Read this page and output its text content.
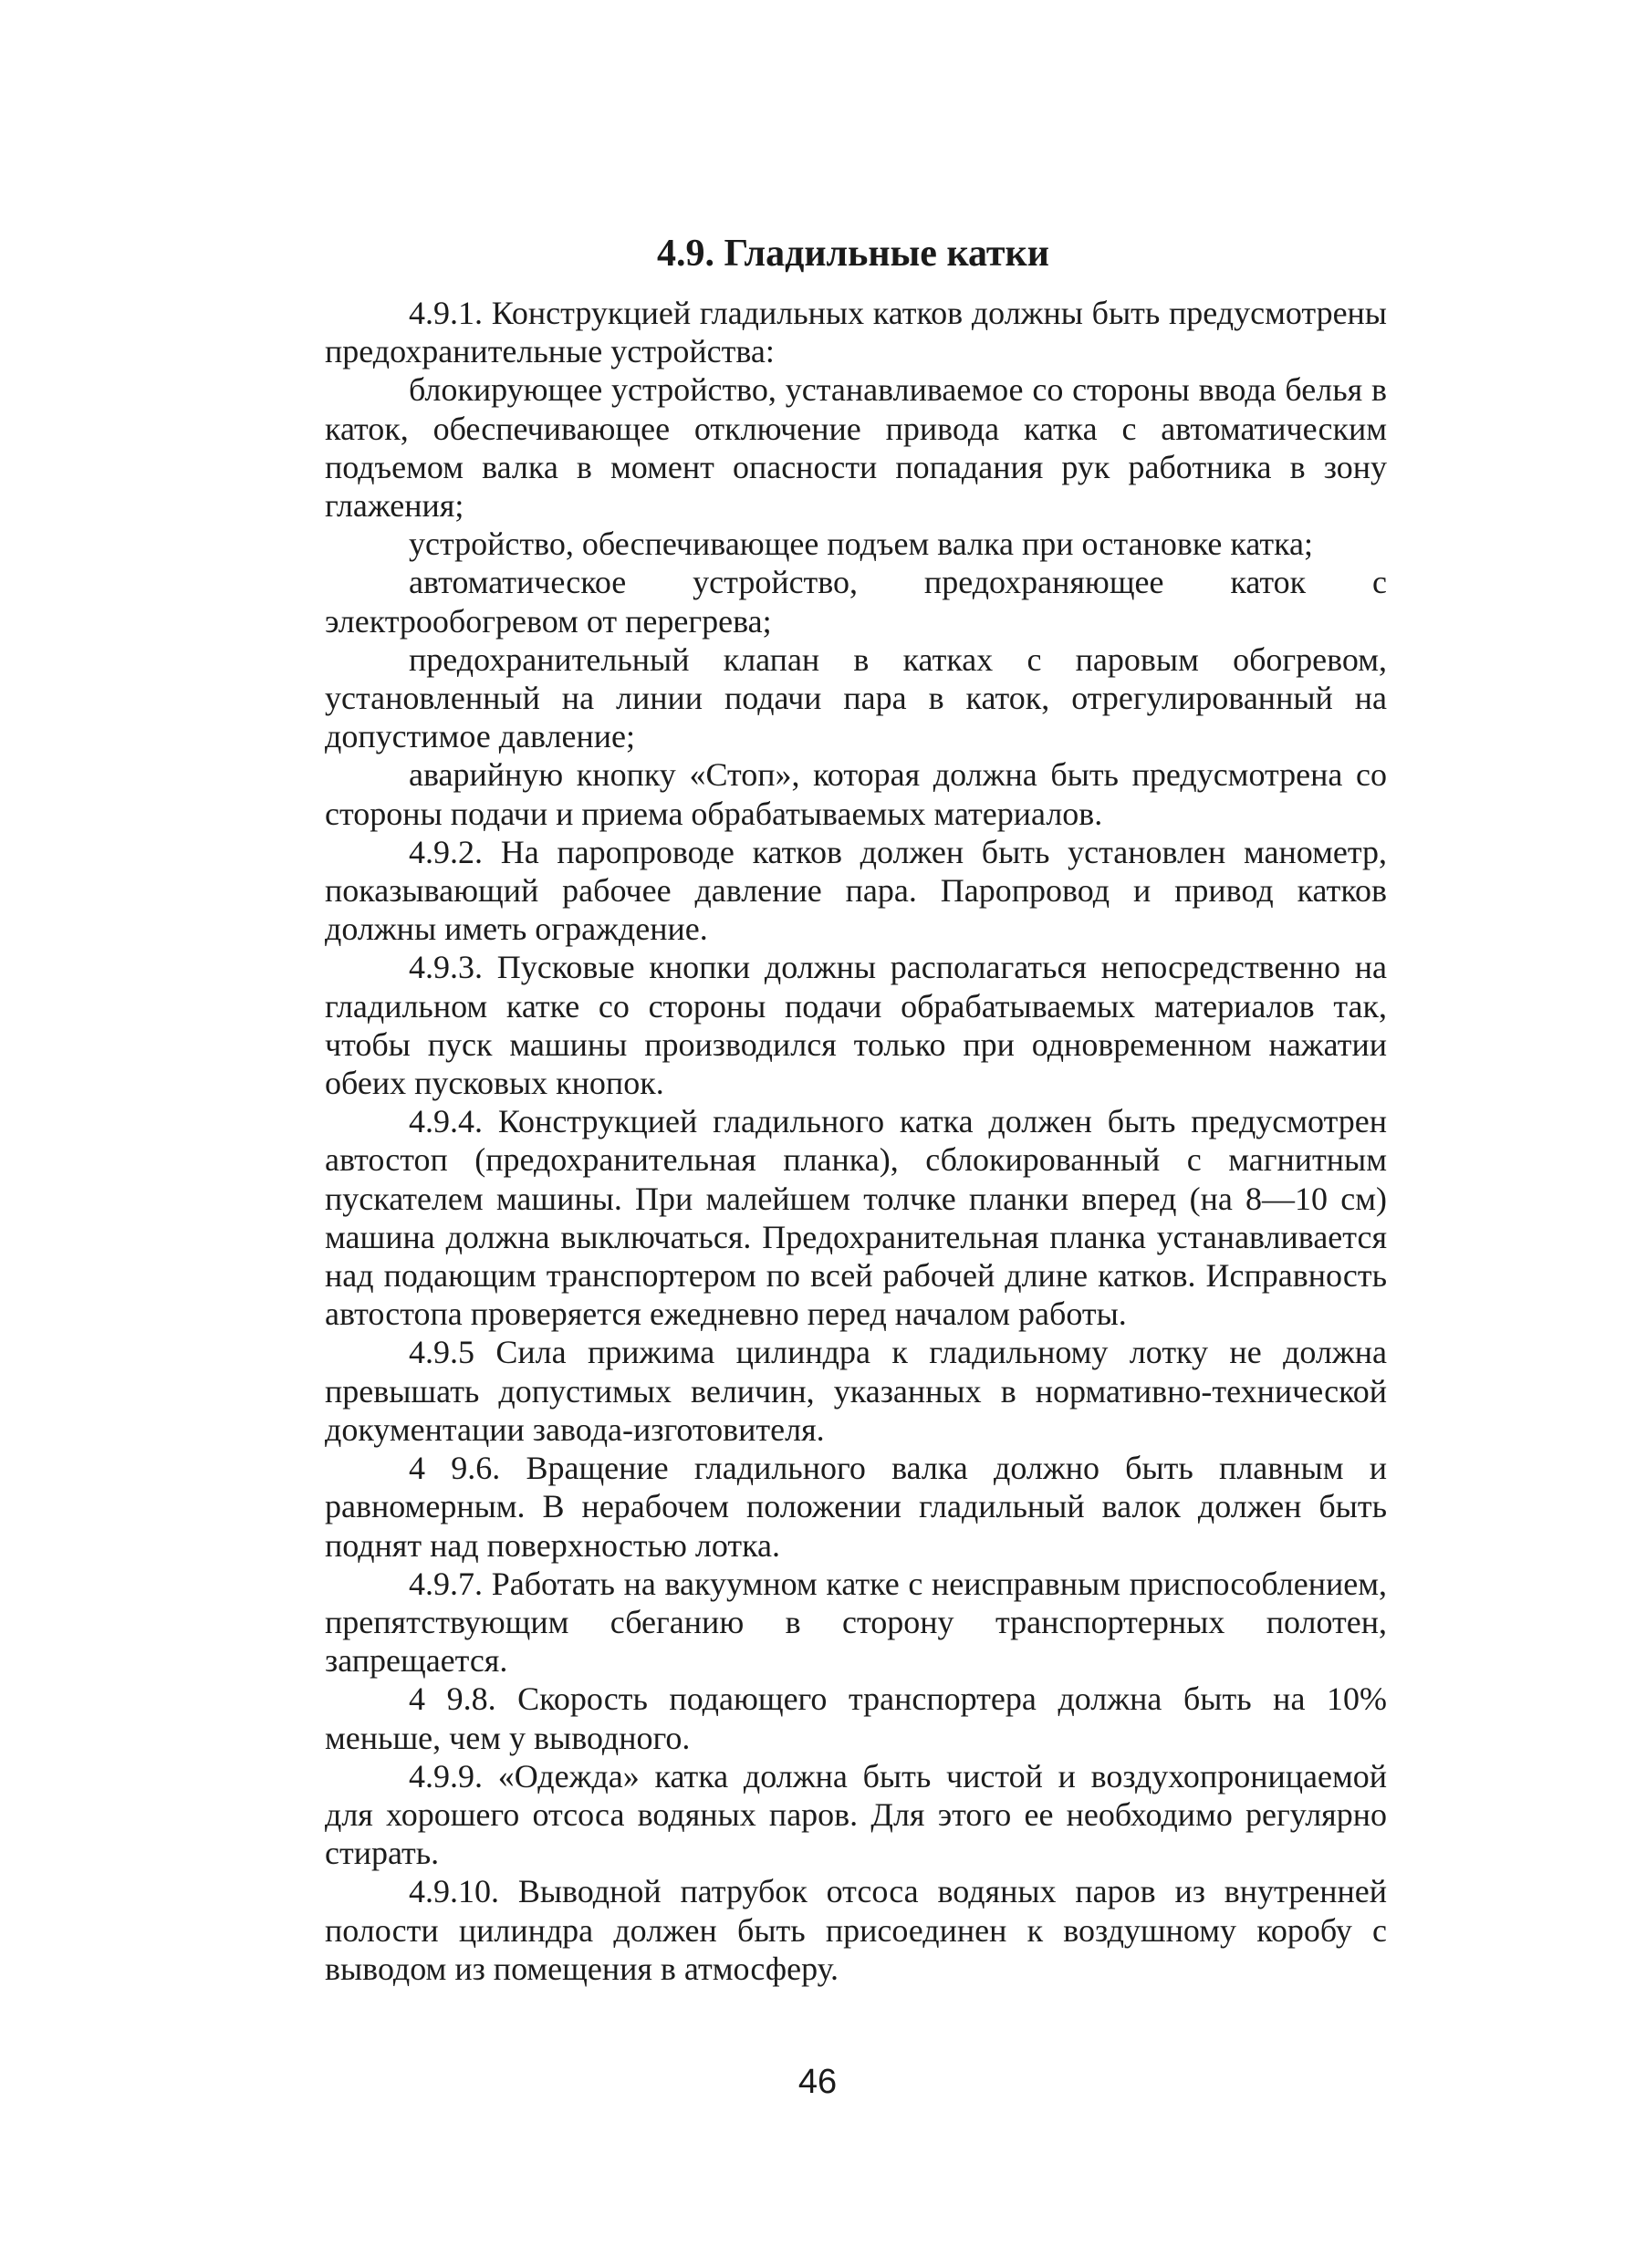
4.9. Гладильные катки

4.9.1. Конструкцией гладильных катков должны быть предусмотрены предохранительные устройства:

блокирующее устройство, устанавливаемое со стороны ввода белья в каток, обеспечивающее отключение привода катка с автоматическим подъемом валка в момент опасности попадания рук работника в зону глажения;

устройство, обеспечивающее подъем валка при остановке катка;

автоматическое устройство, предохраняющее каток с электрообогревом от перегрева;

предохранительный клапан в катках с паровым обогревом, установленный на линии подачи пара в каток, отрегулированный на допустимое давление;

аварийную кнопку «Стоп», которая должна быть предусмотрена со стороны подачи и приема обрабатываемых материалов.

4.9.2. На паропроводе катков должен быть установлен манометр, показывающий рабочее давление пара. Паропровод и привод катков должны иметь ограждение.

4.9.3. Пусковые кнопки должны располагаться непосредственно на гладильном катке со стороны подачи обрабатываемых материалов так, чтобы пуск машины производился только при одновременном нажатии обеих пусковых кнопок.

4.9.4. Конструкцией гладильного катка должен быть предусмотрен автостоп (предохранительная планка), сблокированный с магнитным пускателем машины. При малейшем толчке планки вперед (на 8—10 см) машина должна выключаться. Предохранительная планка устанавливается над подающим транспортером по всей рабочей длине катков. Исправность автостопа проверяется ежедневно перед началом работы.

4.9.5 Сила прижима цилиндра к гладильному лотку не должна превышать допустимых величин, указанных в нормативно-технической документации завода-изготовителя.

4 9.6. Вращение гладильного валка должно быть плавным и равномерным. В нерабочем положении гладильный валок должен быть поднят над поверхностью лотка.

4.9.7. Работать на вакуумном катке с неисправным приспособлением, препятствующим сбеганию в сторону транспортерных полотен, запрещается.

4 9.8. Скорость подающего транспортера должна быть на 10% меньше, чем у выводного.

4.9.9. «Одежда» катка должна быть чистой и воздухопроницаемой для хорошего отсоса водяных паров. Для этого ее необходимо регулярно стирать.

4.9.10. Выводной патрубок отсоса водяных паров из внутренней полости цилиндра должен быть присоединен к воздушному коробу с выводом из помещения в атмосферу.

46
